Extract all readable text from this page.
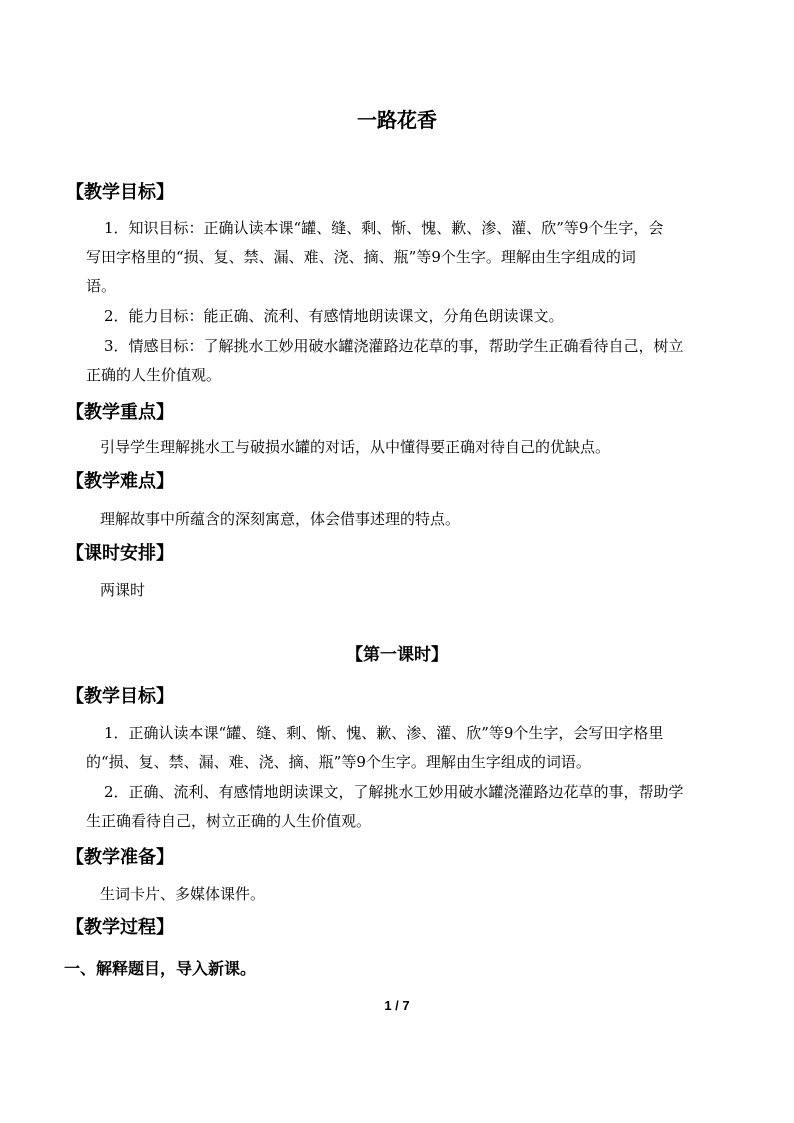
一路花香
【教学目标】
1．知识目标：正确认读本课“罐、缝、剩、惭、愧、歉、渗、灌、欣”等9个生字，会
写田字格里的“损、复、禁、漏、难、浇、摘、瓶”等9个生字。理解由生字组成的词
语。
2．能力目标：能正确、流利、有感情地朗读课文，分角色朗读课文。
3．情感目标：了解挑水工妙用破水罐浇灌路边花草的事，帮助学生正确看待自己，树立
正确的人生价值观。
【教学重点】
引导学生理解挑水工与破损水罐的对话，从中懂得要正确对待自己的优缺点。
【教学难点】
理解故事中所蕴含的深刻寓意，体会借事述理的特点。
【课时安排】
两课时
【第一课时】
【教学目标】
1．正确认读本课“罐、缝、剩、惭、愧、歉、渗、灌、欣”等9个生字，会写田字格里
的“损、复、禁、漏、难、浇、摘、瓶”等9个生字。理解由生字组成的词语。
2．正确、流利、有感情地朗读课文，了解挑水工妙用破水罐浇灌路边花草的事，帮助学
生正确看待自己，树立正确的人生价值观。
【教学准备】
生词卡片、多媒体课件。
【教学过程】
一、解释题目，导入新课。
1 / 7
